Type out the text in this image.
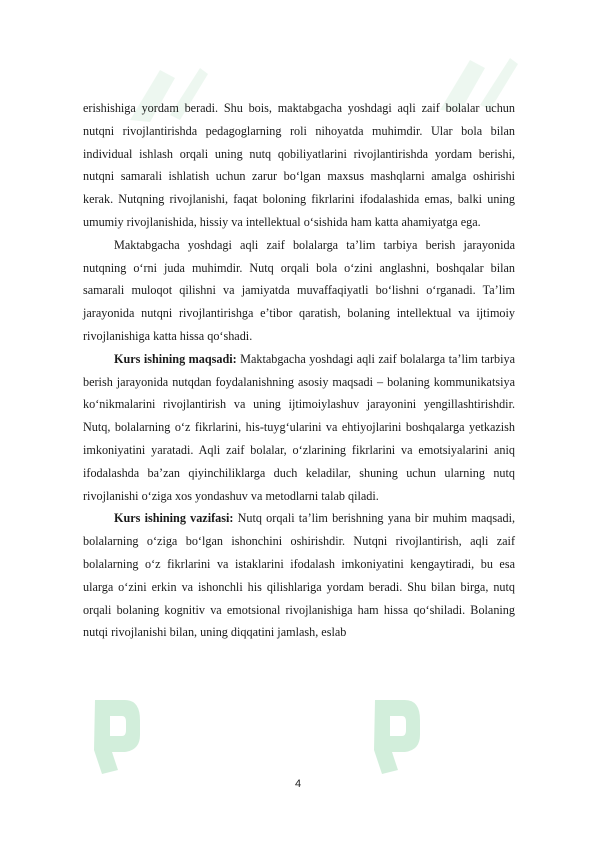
erishishiga yordam beradi. Shu bois, maktabgacha yoshdagi aqli zaif bolalar uchun nutqni rivojlantirishda pedagoglarning roli nihoyatda muhimdir. Ular bola bilan individual ishlash orqali uning nutq qobiliyatlarini rivojlantirishda yordam berishi, nutqni samarali ishlatish uchun zarur bo‘lgan maxsus mashqlarni amalga oshirishi kerak. Nutqning rivojlanishi, faqat boloning fikrlarini ifodalashida emas, balki uning umumiy rivojlanishida, hissiy va intellektual o‘sishida ham katta ahamiyatga ega.

Maktabgacha yoshdagi aqli zaif bolalarga ta’lim tarbiya berish jarayonida nutqning o‘rni juda muhimdir. Nutq orqali bola o‘zini anglashni, boshqalar bilan samarali muloqot qilishni va jamiyatda muvaffaqiyatli bo‘lishni o‘rganadi. Ta’lim jarayonida nutqni rivojlantirishga e’tibor qaratish, bolaning intellektual va ijtimoiy rivojlanishiga katta hissa qo‘shadi.

Kurs ishining maqsadi: Maktabgacha yoshdagi aqli zaif bolalarga ta’lim tarbiya berish jarayonida nutqdan foydalanishning asosiy maqsadi – bolaning kommunikatsiya ko‘nikmalarini rivojlantirish va uning ijtimoiylashuv jarayonini yengillashtirishdir. Nutq, bolalarning o‘z fikrlarini, his-tuyg‘ularini va ehtiyojlarini boshqalarga yetkazish imkoniyatini yaratadi. Aqli zaif bolalar, o‘zlarining fikrlarini va emotsiyalarini aniq ifodalashda ba’zan qiyinchiliklarga duch keladilar, shuning uchun ularning nutq rivojlanishi o‘ziga xos yondashuv va metodlarni talab qiladi.

Kurs ishining vazifasi: Nutq orqali ta’lim berishning yana bir muhim maqsadi, bolalarning o‘ziga bo‘lgan ishonchini oshirishdir. Nutqni rivojlantirish, aqli zaif bolalarning o‘z fikrlarini va istaklarini ifodalash imkoniyatini kengaytiradi, bu esa ularga o‘zini erkin va ishonchli his qilishlariga yordam beradi. Shu bilan birga, nutq orqali bolaning kognitiv va emotsional rivojlanishiga ham hissa qo‘shiladi. Bolaning nutqi rivojlanishi bilan, uning diqqatini jamlash, eslab

4
